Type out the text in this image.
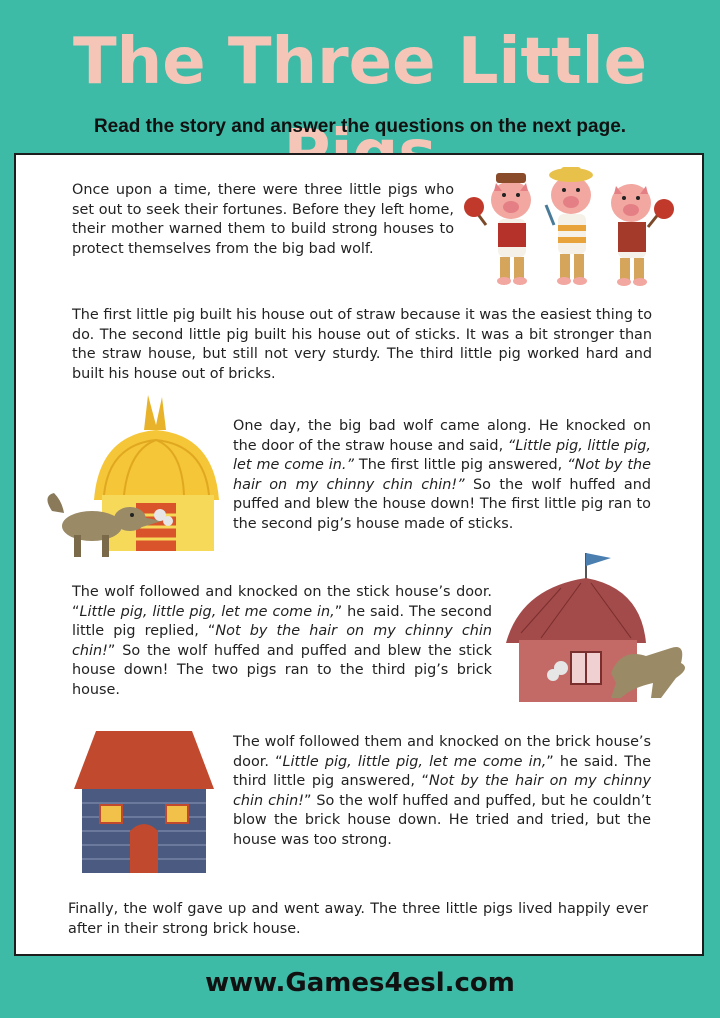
The Three Little
Read the story and answer the questions on the next page.

Once upon a time, there were three little pigs who set out to seek their fortunes. Before they left home, their mother warned them to build strong houses to protect themselves from the big bad wolf.

The first little pig built his house out of straw because it was the easiest thing to do. The second little pig built his house out of sticks. It was a bit stronger than the straw house, but still not very sturdy. The third little pig worked hard and built his house out of bricks.

One day, the big bad wolf came along. He knocked on the door of the straw house and said, “Little pig, little pig, let me come in.” The first little pig answered, “Not by the hair on my chinny chin chin!” So the wolf huffed and puffed and blew the house down! The first little pig ran to the second pig’s house made of sticks.

The wolf followed and knocked on the stick house’s door. “Little pig, little pig, let me come in,” he said. The second little pig replied, “Not by the hair on my chinny chin chin!” So the wolf huffed and puffed and blew the stick house down! The two pigs ran to the third pig’s brick house.

The wolf followed them and knocked on the brick house’s door. “Little pig, little pig, let me come in,” he said. The third little pig answered, “Not by the hair on my chinny chin chin!” So the wolf huffed and puffed, but he couldn’t blow the brick house down. He tried and tried, but the house was too strong.

Finally, the wolf gave up and went away. The three little pigs lived happily ever after in their strong brick house.

www.Games4esl.com
